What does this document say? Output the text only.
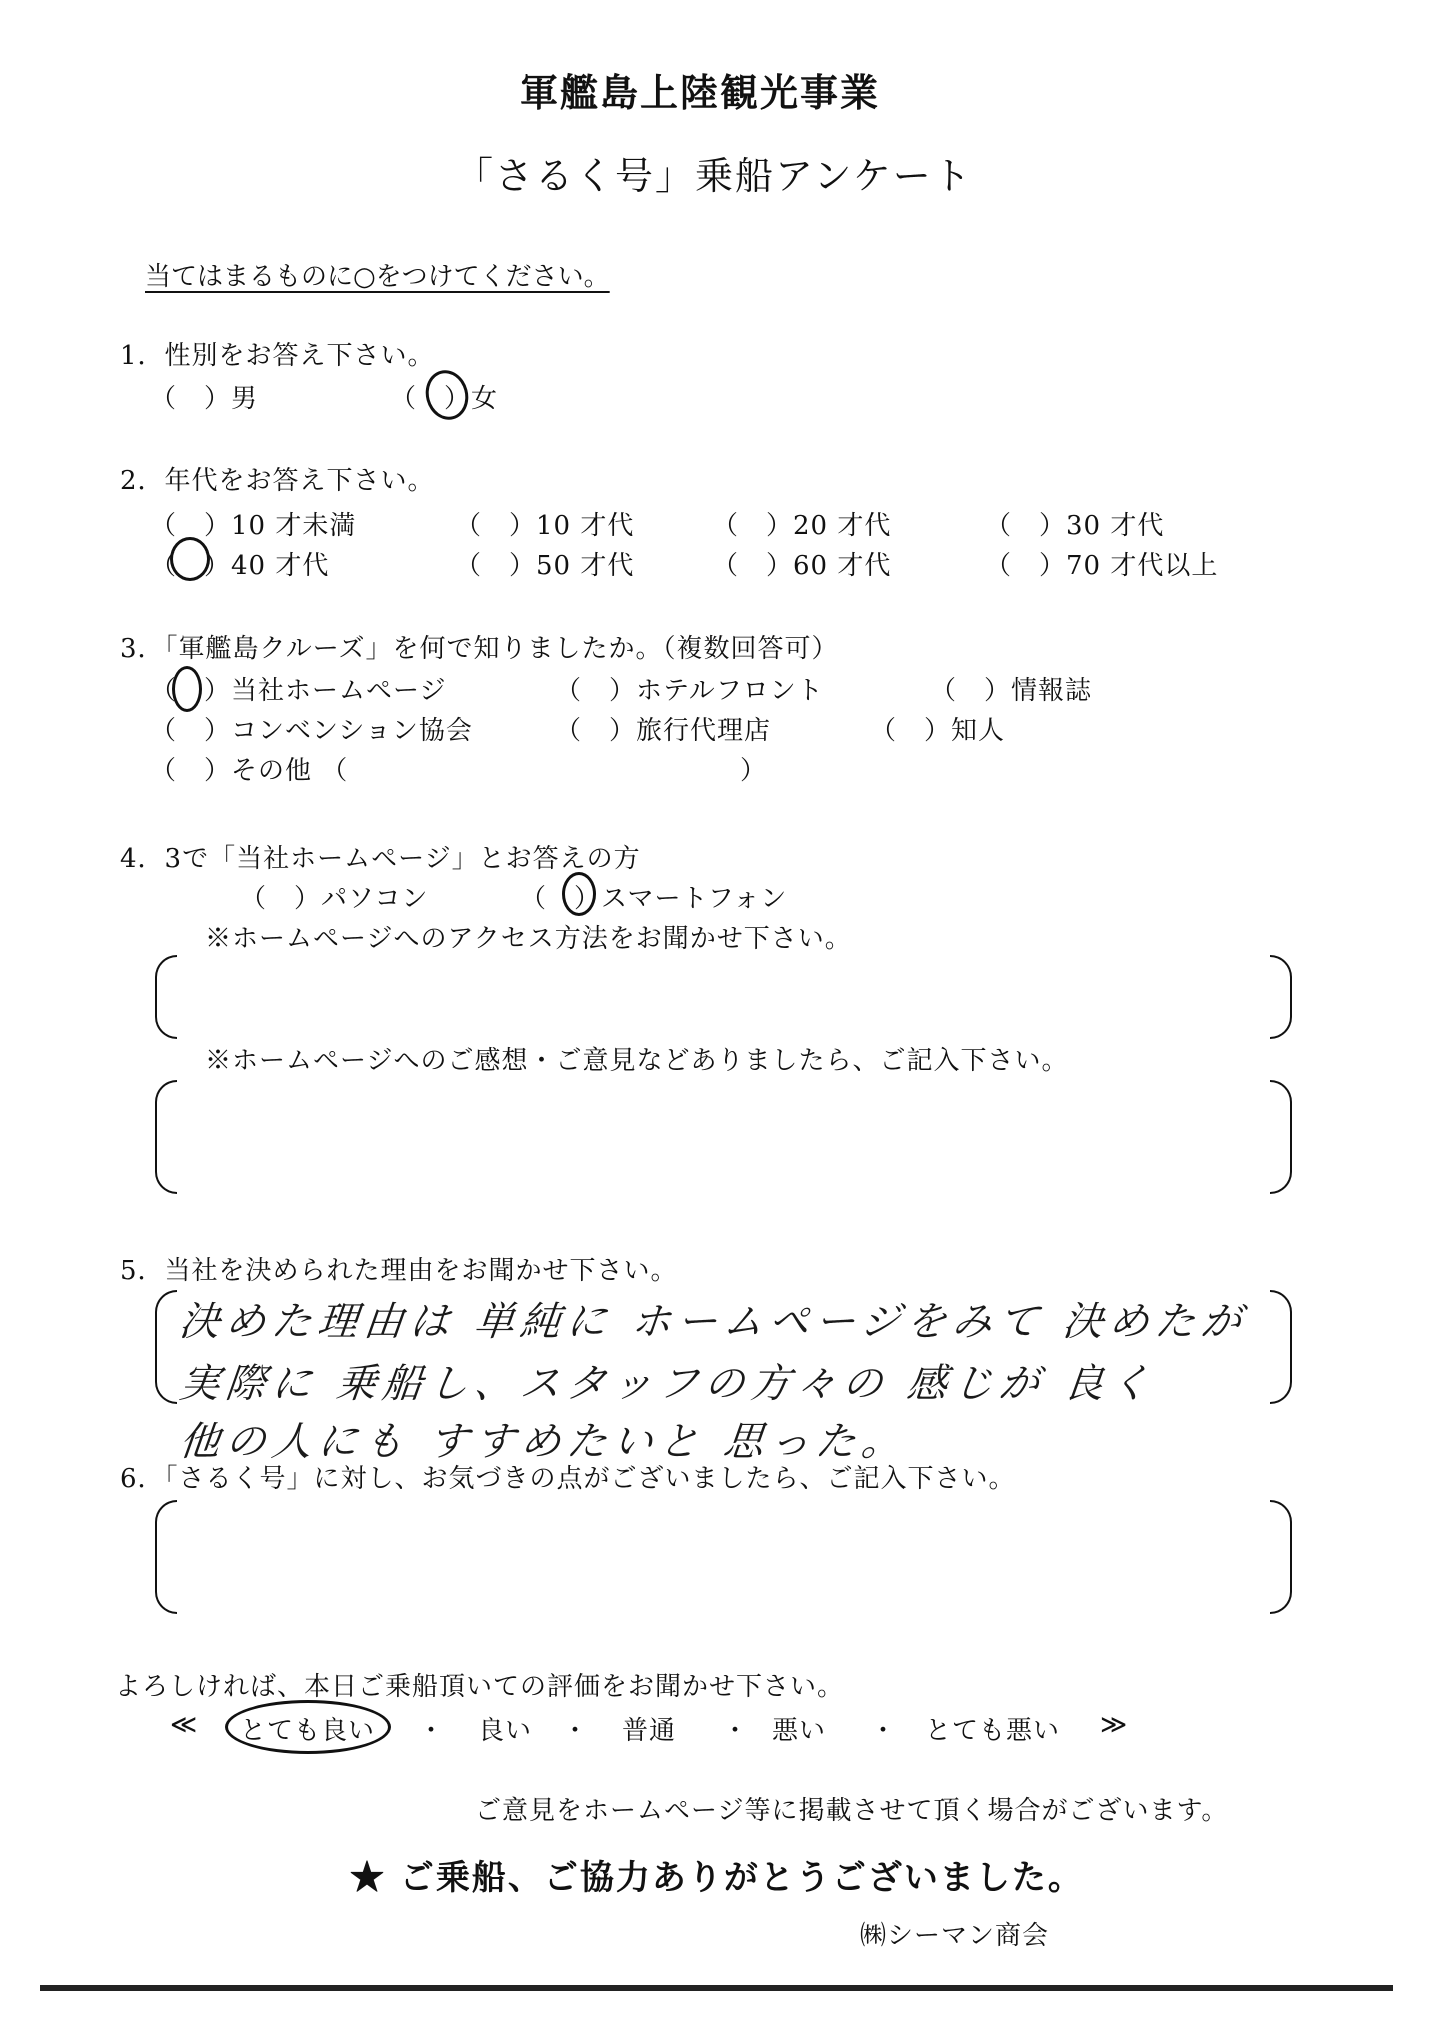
軍艦島上陸観光事業
「さるく号」乗船アンケート
当てはまるものに○をつけてください。
1．性別をお答え下さい。
（　）男	（　）女
2．年代をお答え下さい。
（　）10 才未満	（　）10 才代	（　）20 才代	（　）30 才代
（　）40 才代	（　）50 才代	（　）60 才代	（　）70 才代以上
3．「軍艦島クルーズ」を何で知りましたか。（複数回答可）
（　）当社ホームページ	（　）ホテルフロント	（　）情報誌
（　）コンベンション協会	（　）旅行代理店	（　）知人
（　）その他 （	）
4．3で「当社ホームページ」とお答えの方
（　）パソコン	（　）スマートフォン
※ホームページへのアクセス方法をお聞かせ下さい。
※ホームページへのご感想・ご意見などありましたら、ご記入下さい。
5．当社を決められた理由をお聞かせ下さい。
決めた理由は 単純に ホームページをみて 決めたが
実際に 乗船し、スタッフの方々の 感じが 良く
他の人にも すすめたいと 思った。
6．「さるく号」に対し、お気づきの点がございましたら、ご記入下さい。
よろしければ、本日ご乗船頂いての評価をお聞かせ下さい。
≪ とても良い ・ 良い ・ 普通 ・ 悪い ・ とても悪い ≫
ご意見をホームページ等に掲載させて頂く場合がございます。
★ ご乗船、ご協力ありがとうございました。
㈱シーマン商会
